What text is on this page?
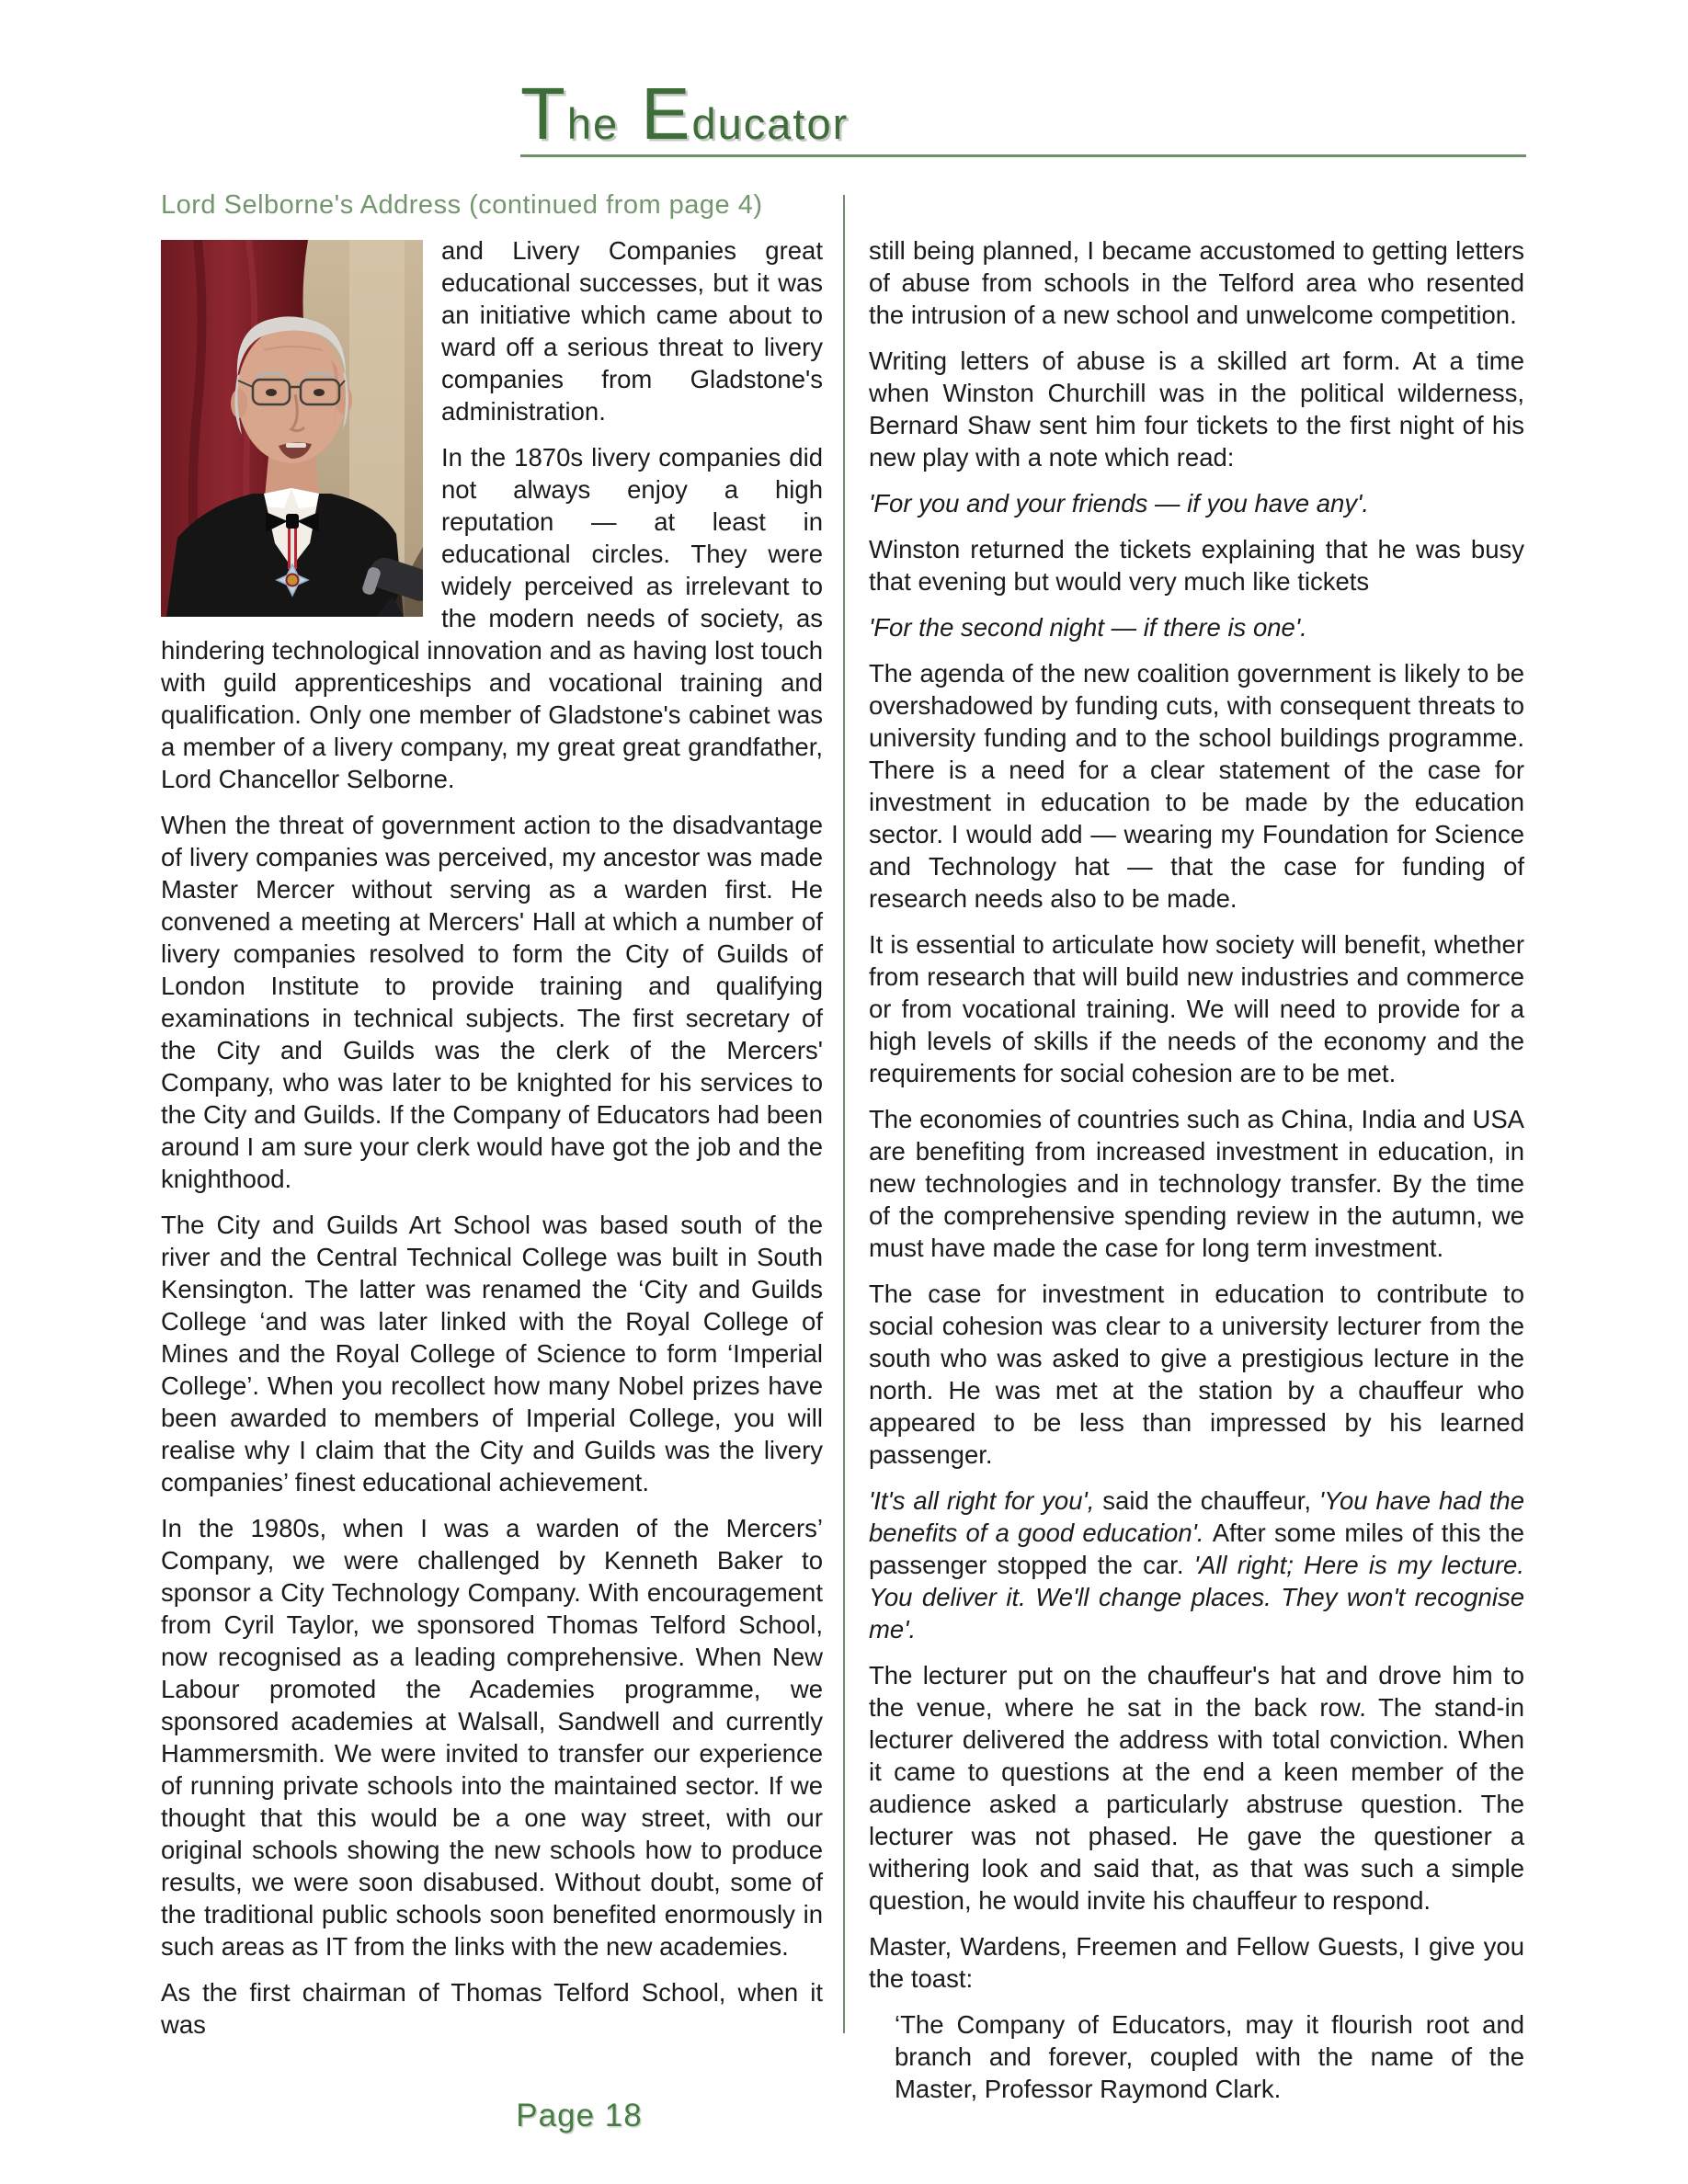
The Educator
Lord Selborne's Address (continued from page 4)

and Livery Companies great educational successes, but it was an initiative which came about to ward off a serious threat to livery companies from Gladstone's administration.

In the 1870s livery companies did not always enjoy a high reputation — at least in educational circles. They were widely perceived as irrelevant to the modern needs of society, as hindering technological innovation and as having lost touch with guild apprenticeships and vocational training and qualification. Only one member of Gladstone's cabinet was a member of a livery company, my great great grandfather, Lord Chancellor Selborne.

When the threat of government action to the disadvantage of livery companies was perceived, my ancestor was made Master Mercer without serving as a warden first. He convened a meeting at Mercers' Hall at which a number of livery companies resolved to form the City of Guilds of London Institute to provide training and qualifying examinations in technical subjects. The first secretary of the City and Guilds was the clerk of the Mercers' Company, who was later to be knighted for his services to the City and Guilds. If the Company of Educators had been around I am sure your clerk would have got the job and the knighthood.

The City and Guilds Art School was based south of the river and the Central Technical College was built in South Kensington. The latter was renamed the ‘City and Guilds College ‘and was later linked with the Royal College of Mines and the Royal College of Science to form ‘Imperial College’. When you recollect how many Nobel prizes have been awarded to members of Imperial College, you will realise why I claim that the City and Guilds was the livery companies’ finest educational achievement.

In the 1980s, when I was a warden of the Mercers’ Company, we were challenged by Kenneth Baker to sponsor a City Technology Company. With encouragement from Cyril Taylor, we sponsored Thomas Telford School, now recognised as a leading comprehensive. When New Labour promoted the Academies programme, we sponsored academies at Walsall, Sandwell and currently Hammersmith. We were invited to transfer our experience of running private schools into the maintained sector. If we thought that this would be a one way street, with our original schools showing the new schools how to produce results, we were soon disabused. Without doubt, some of the traditional public schools soon benefited enormously in such areas as IT from the links with the new academies.

As the first chairman of Thomas Telford School, when it was

still being planned, I became accustomed to getting letters of abuse from schools in the Telford area who resented the intrusion of a new school and unwelcome competition.

Writing letters of abuse is a skilled art form. At a time when Winston Churchill was in the political wilderness, Bernard Shaw sent him four tickets to the first night of his new play with a note which read:

'For you and your friends — if you have any'.

Winston returned the tickets explaining that he was busy that evening but would very much like tickets

'For the second night — if there is one'.

The agenda of the new coalition government is likely to be overshadowed by funding cuts, with consequent threats to university funding and to the school buildings programme. There is a need for a clear statement of the case for investment in education to be made by the education sector. I would add — wearing my Foundation for Science and Technology hat — that the case for funding of research needs also to be made.

It is essential to articulate how society will benefit, whether from research that will build new industries and commerce or from vocational training. We will need to provide for a high levels of skills if the needs of the economy and the requirements for social cohesion are to be met.

The economies of countries such as China, India and USA are benefiting from increased investment in education, in new technologies and in technology transfer. By the time of the comprehensive spending review in the autumn, we must have made the case for long term investment.

The case for investment in education to contribute to social cohesion was clear to a university lecturer from the south who was asked to give a prestigious lecture in the north. He was met at the station by a chauffeur who appeared to be less than impressed by his learned passenger.

'It's all right for you', said the chauffeur, 'You have had the benefits of a good education'. After some miles of this the passenger stopped the car. 'All right; Here is my lecture. You deliver it. We'll change places. They won't recognise me'.

The lecturer put on the chauffeur's hat and drove him to the venue, where he sat in the back row. The stand-in lecturer delivered the address with total conviction. When it came to questions at the end a keen member of the audience asked a particularly abstruse question. The lecturer was not phased. He gave the questioner a withering look and said that, as that was such a simple question, he would invite his chauffeur to respond.

Master, Wardens, Freemen and Fellow Guests, I give you the toast:

‘The Company of Educators, may it flourish root and branch and forever, coupled with the name of the Master, Professor Raymond Clark.

Page 18
